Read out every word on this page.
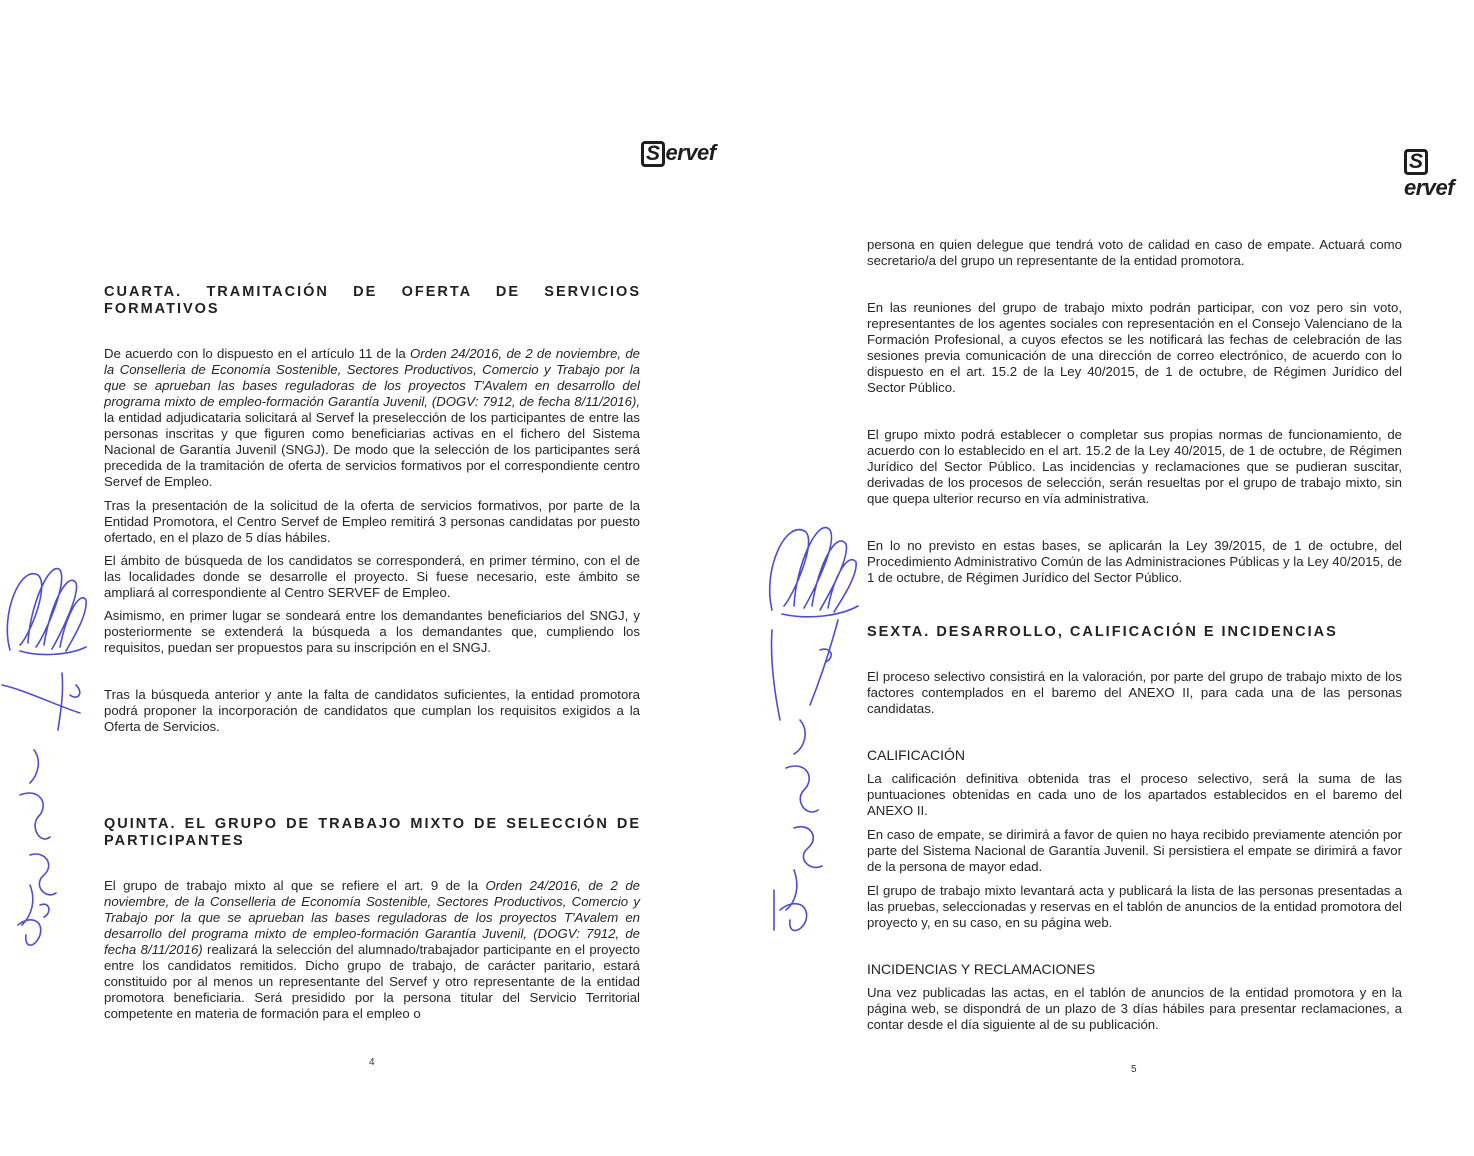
S ervef
CUARTA. TRAMITACIÓN DE OFERTA DE SERVICIOS FORMATIVOS
De acuerdo con lo dispuesto en el artículo 11 de la Orden 24/2016, de 2 de noviembre, de la Conselleria de Economía Sostenible, Sectores Productivos, Comercio y Trabajo por la que se aprueban las bases reguladoras de los proyectos T'Avalem en desarrollo del programa mixto de empleo-formación Garantía Juvenil, (DOGV: 7912, de fecha 8/11/2016), la entidad adjudicataria solicitará al Servef la preselección de los participantes de entre las personas inscritas y que figuren como beneficiarias activas en el fichero del Sistema Nacional de Garantía Juvenil (SNGJ). De modo que la selección de los participantes será precedida de la tramitación de oferta de servicios formativos por el correspondiente centro Servef de Empleo.
Tras la presentación de la solicitud de la oferta de servicios formativos, por parte de la Entidad Promotora, el Centro Servef de Empleo remitirá 3 personas candidatas por puesto ofertado, en el plazo de 5 días hábiles.
El ámbito de búsqueda de los candidatos se corresponderá, en primer término, con el de las localidades donde se desarrolle el proyecto. Si fuese necesario, este ámbito se ampliará al correspondiente al Centro SERVEF de Empleo.
Asimismo, en primer lugar se sondeará entre los demandantes beneficiarios del SNGJ, y posteriormente se extenderá la búsqueda a los demandantes que, cumpliendo los requisitos, puedan ser propuestos para su inscripción en el SNGJ.
Tras la búsqueda anterior y ante la falta de candidatos suficientes, la entidad promotora podrá proponer la incorporación de candidatos que cumplan los requisitos exigidos a la Oferta de Servicios.
QUINTA. EL GRUPO DE TRABAJO MIXTO DE SELECCIÓN DE PARTICIPANTES
El grupo de trabajo mixto al que se refiere el art. 9 de la Orden 24/2016, de 2 de noviembre, de la Conselleria de Economía Sostenible, Sectores Productivos, Comercio y Trabajo por la que se aprueban las bases reguladoras de los proyectos T'Avalem en desarrollo del programa mixto de empleo-formación Garantía Juvenil, (DOGV: 7912, de fecha 8/11/2016) realizará la selección del alumnado/trabajador participante en el proyecto entre los candidatos remitidos. Dicho grupo de trabajo, de carácter paritario, estará constituido por al menos un representante del Servef y otro representante de la entidad promotora beneficiaria. Será presidido por la persona titular del Servicio Territorial competente en materia de formación para el empleo o
4
Servef
persona en quien delegue que tendrá voto de calidad en caso de empate. Actuará como secretario/a del grupo un representante de la entidad promotora.
En las reuniones del grupo de trabajo mixto podrán participar, con voz pero sin voto, representantes de los agentes sociales con representación en el Consejo Valenciano de la Formación Profesional, a cuyos efectos se les notificará las fechas de celebración de las sesiones previa comunicación de una dirección de correo electrónico, de acuerdo con lo dispuesto en el art. 15.2 de la Ley 40/2015, de 1 de octubre, de Régimen Jurídico del Sector Público.
El grupo mixto podrá establecer o completar sus propias normas de funcionamiento, de acuerdo con lo establecido en el art. 15.2 de la Ley 40/2015, de 1 de octubre, de Régimen Jurídico del Sector Público. Las incidencias y reclamaciones que se pudieran suscitar, derivadas de los procesos de selección, serán resueltas por el grupo de trabajo mixto, sin que quepa ulterior recurso en vía administrativa.
En lo no previsto en estas bases, se aplicarán la Ley 39/2015, de 1 de octubre, del Procedimiento Administrativo Común de las Administraciones Públicas y la Ley 40/2015, de 1 de octubre, de Régimen Jurídico del Sector Público.
SEXTA. DESARROLLO, CALIFICACIÓN E INCIDENCIAS
El proceso selectivo consistirá en la valoración, por parte del grupo de trabajo mixto de los factores contemplados en el baremo del ANEXO II, para cada una de las personas candidatas.
CALIFICACIÓN
La calificación definitiva obtenida tras el proceso selectivo, será la suma de las puntuaciones obtenidas en cada uno de los apartados establecidos en el baremo del ANEXO II.
En caso de empate, se dirimirá a favor de quien no haya recibido previamente atención por parte del Sistema Nacional de Garantía Juvenil. Si persistiera el empate se dirimirá a favor de la persona de mayor edad.
El grupo de trabajo mixto levantará acta y publicará la lista de las personas presentadas a las pruebas, seleccionadas y reservas en el tablón de anuncios de la entidad promotora del proyecto y, en su caso, en su página web.
INCIDENCIAS Y RECLAMACIONES
Una vez publicadas las actas, en el tablón de anuncios de la entidad promotora y en la página web, se dispondrá de un plazo de 3 días hábiles para presentar reclamaciones, a contar desde el día siguiente al de su publicación.
5
